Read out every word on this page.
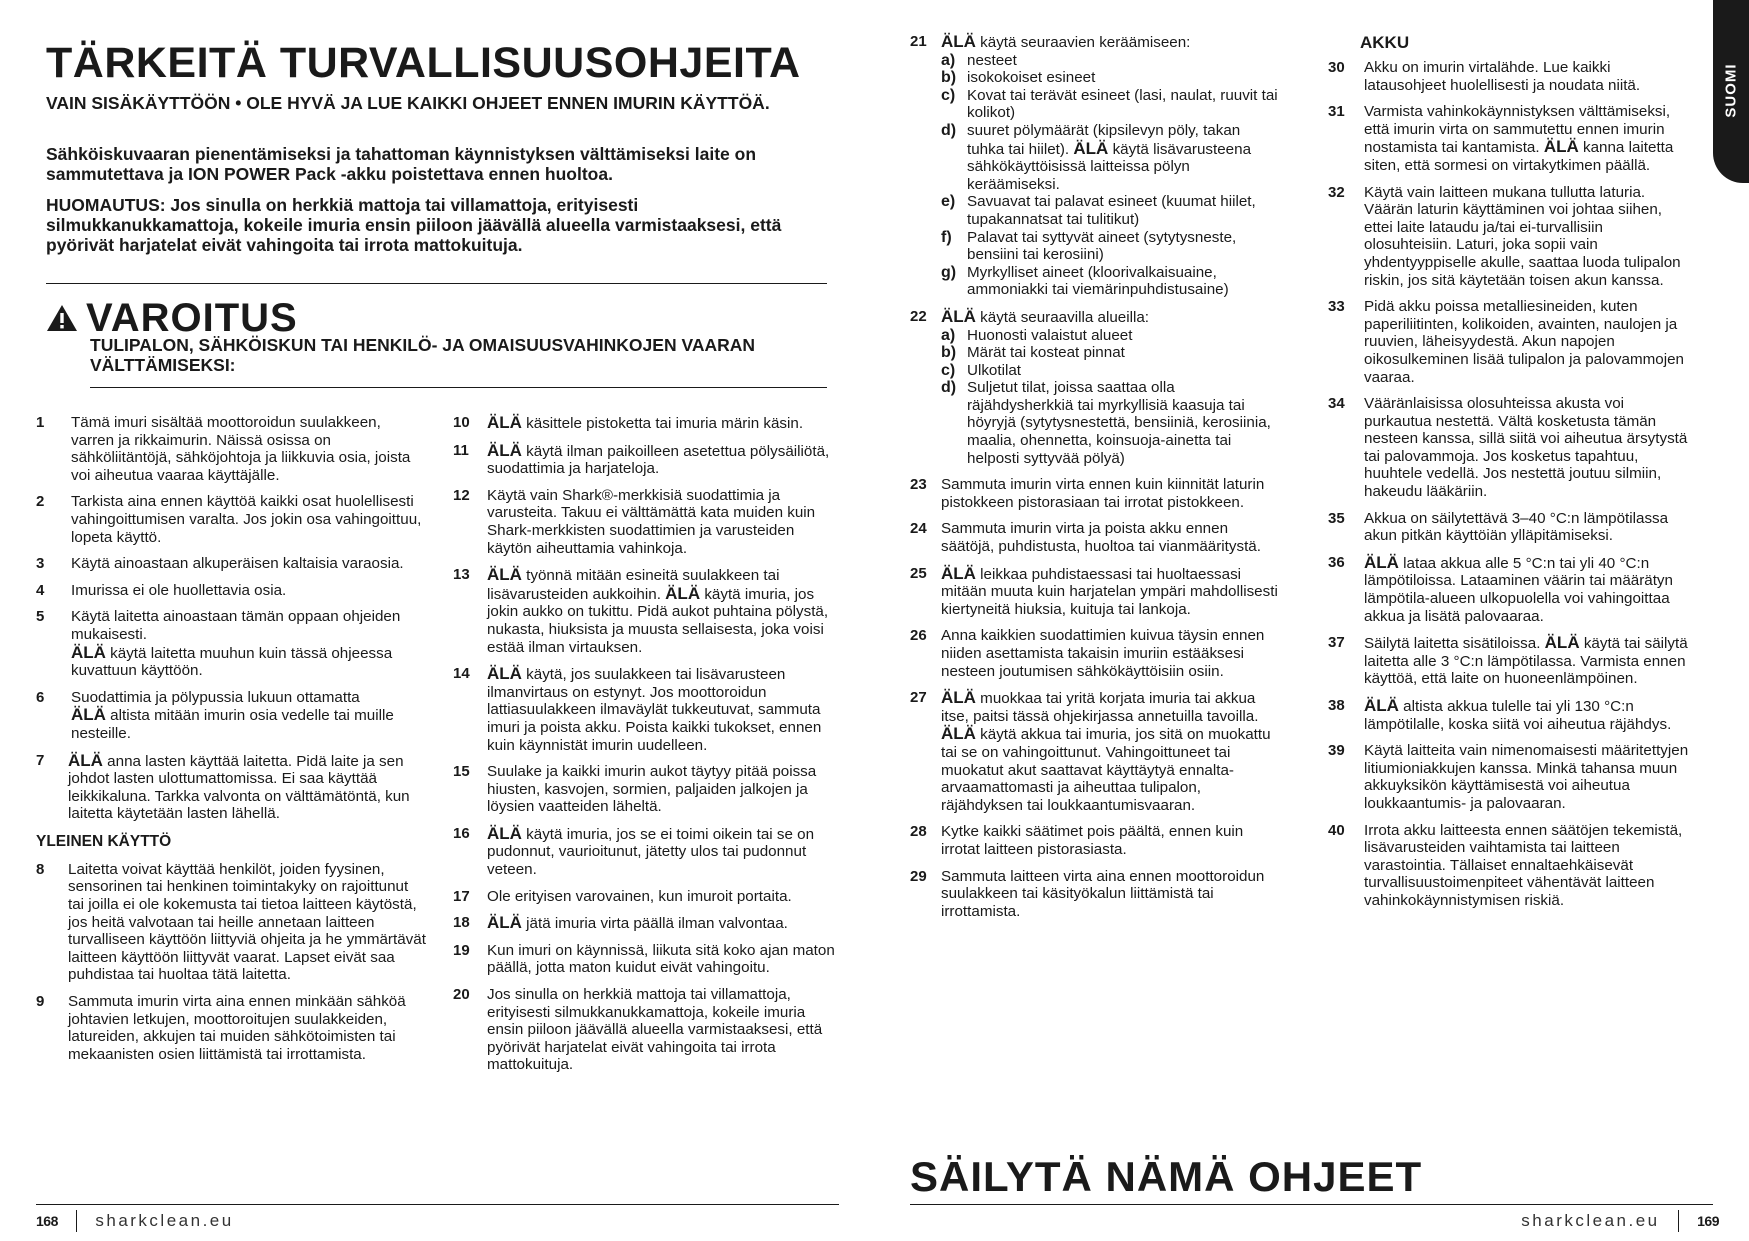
TÄRKEITÄ TURVALLISUUSOHJEITA

VAIN SISÄKÄYTTÖÖN • OLE HYVÄ JA LUE KAIKKI OHJEET ENNEN IMURIN KÄYTTÖÄ.

Sähköiskuvaaran pienentämiseksi ja tahattoman käynnistyksen välttämiseksi laite on sammutettava ja ION POWER Pack -akku poistettava ennen huoltoa.

HUOMAUTUS: Jos sinulla on herkkiä mattoja tai villamattoja, erityisesti silmukkanukkamattoja, kokeile imuria ensin piiloon jäävällä alueella varmistaaksesi, että pyörivät harjatelat eivät vahingoita tai irrota mattokuituja.

VAROITUS
TULIPALON, SÄHKÖISKUN TAI HENKILÖ- JA OMAISUUSVAHINKOJEN VAARAN VÄLTTÄMISEKSI:
1	Tämä imuri sisältää moottoroidun suulakkeen, varren ja rikkaimurin. Näissä osissa on sähköliitäntöjä, sähköjohtoja ja liikkuvia osia, joista voi aiheutua vaaraa käyttäjälle.
2	Tarkista aina ennen käyttöä kaikki osat huolellisesti vahingoittumisen varalta. Jos jokin osa vahingoittuu, lopeta käyttö.
3	Käytä ainoastaan alkuperäisen kaltaisia varaosia.
4	Imurissa ei ole huollettavia osia.
5	Käytä laitetta ainoastaan tämän oppaan ohjeiden mukaisesti.
ÄLÄ käytä laitetta muuhun kuin tässä ohjeessa kuvattuun käyttöön.
6	Suodattimia ja pölypussia lukuun ottamatta
ÄLÄ altista mitään imurin osia vedelle tai muille nesteille.
7	ÄLÄ anna lasten käyttää laitetta. Pidä laite ja sen johdot lasten ulottumattomissa. Ei saa käyttää leikkikaluna. Tarkka valvonta on välttämätöntä, kun laitetta käytetään lasten lähellä.
YLEINEN KÄYTTÖ
8	Laitetta voivat käyttää henkilöt, joiden fyysinen, sensorinen tai henkinen toimintakyky on rajoittunut tai joilla ei ole kokemusta tai tietoa laitteen käytöstä, jos heitä valvotaan tai heille annetaan laitteen turvalliseen käyttöön liittyviä ohjeita ja he ymmärtävät laitteen käyttöön liittyvät vaarat. Lapset eivät saa puhdistaa tai huoltaa tätä laitetta.
9	Sammuta imurin virta aina ennen minkään sähköä johtavien letkujen, moottoroitujen suulakkeiden, latureiden, akkujen tai muiden sähkötoimisten tai mekaanisten osien liittämistä tai irrottamista.
10	ÄLÄ käsittele pistoketta tai imuria märin käsin.
11	ÄLÄ käytä ilman paikoilleen asetettua pölysäiliötä, suodattimia ja harjateloja.
12	Käytä vain Shark®-merkkisiä suodattimia ja varusteita. Takuu ei välttämättä kata muiden kuin Shark-merkkisten suodattimien ja varusteiden käytön aiheuttamia vahinkoja.
13	ÄLÄ työnnä mitään esineitä suulakkeen tai lisävarusteiden aukkoihin. ÄLÄ käytä imuria, jos jokin aukko on tukittu. Pidä aukot puhtaina pölystä, nukasta, hiuksista ja muusta sellaisesta, joka voisi estää ilman virtauksen.
14	ÄLÄ käytä, jos suulakkeen tai lisävarusteen ilmanvirtaus on estynyt. Jos moottoroidun lattiasuulakkeen ilmaväylät tukkeutuvat, sammuta imuri ja poista akku. Poista kaikki tukokset, ennen kuin käynnistät imurin uudelleen.
15	Suulake ja kaikki imurin aukot täytyy pitää poissa hiusten, kasvojen, sormien, paljaiden jalkojen ja löysien vaatteiden läheltä.
16	ÄLÄ käytä imuria, jos se ei toimi oikein tai se on pudonnut, vaurioitunut, jätetty ulos tai pudonnut veteen.
17	Ole erityisen varovainen, kun imuroit portaita.
18	ÄLÄ jätä imuria virta päällä ilman valvontaa.
19	Kun imuri on käynnissä, liikuta sitä koko ajan maton päällä, jotta maton kuidut eivät vahingoitu.
20	Jos sinulla on herkkiä mattoja tai villamattoja, erityisesti silmukkanukkamattoja, kokeile imuria ensin piiloon jäävällä alueella varmistaaksesi, että pyörivät harjatelat eivät vahingoita tai irrota mattokuituja.
168 sharkclean.eu
SUOMI
21 ÄLÄ käytä seuraavien keräämiseen:
a) nesteet
b) isokokoiset esineet
c) Kovat tai terävät esineet (lasi, naulat, ruuvit tai kolikot)
d) suuret pölymäärät (kipsilevyn pöly, takan tuhka tai hiilet). ÄLÄ käytä lisävarusteena sähkökäyttöisissä laitteissa pölyn keräämiseksi.
e) Savuavat tai palavat esineet (kuumat hiilet, tupakannatsat tai tulitikut)
f)	Palavat tai syttyvät aineet (sytytysneste, bensiini tai kerosiini)
g) Myrkylliset aineet (kloorivalkaisuaine, ammoniakki tai viemärinpuhdistusaine)
22 ÄLÄ käytä seuraavilla alueilla:
a) Huonosti valaistut alueet
b) Märät tai kosteat pinnat
c) Ulkotilat
d) Suljetut tilat, joissa saattaa olla räjähdysherkkiä tai myrkyllisiä kaasuja tai höyryjä (sytytysnestettä, bensiiniä, kerosiinia, maalia, ohennetta, koinsuoja-ainetta tai helposti syttyvää pölyä)
23 Sammuta imurin virta ennen kuin kiinnität laturin pistokkeen pistorasiaan tai irrotat pistokkeen.
24 Sammuta imurin virta ja poista akku ennen säätöjä, puhdistusta, huoltoa tai vianmääritystä.
25 ÄLÄ leikkaa puhdistaessasi tai huoltaessasi mitään muuta kuin harjatelan ympäri mahdollisesti kiertyneitä hiuksia, kuituja tai lankoja.
26 Anna kaikkien suodattimien kuivua täysin ennen niiden asettamista takaisin imuriin estääksesi nesteen joutumisen sähkökäyttöisiin osiin.
27 ÄLÄ muokkaa tai yritä korjata imuria tai akkua itse, paitsi tässä ohjekirjassa annetuilla tavoilla.
ÄLÄ käytä akkua tai imuria, jos sitä on muokattu tai se on vahingoittunut. Vahingoittuneet tai muokatut akut saattavat käyttäytyä ennalta-arvaamattomasti ja aiheuttaa tulipalon, räjähdyksen tai loukkaantumisvaaran.
28 Kytke kaikki säätimet pois päältä, ennen kuin irrotat laitteen pistorasiasta.
29 Sammuta laitteen virta aina ennen moottoroidun suulakkeen tai käsityökalun liittämistä tai irrottamista.
AKKU
30	Akku on imurin virtalähde. Lue kaikki latausohjeet huolellisesti ja noudata niitä.
31	Varmista vahinkokäynnistyksen välttämiseksi, että imurin virta on sammutettu ennen imurin nostamista tai kantamista. ÄLÄ kanna laitetta siten, että sormesi on virtakytkimen päällä.
32	Käytä vain laitteen mukana tullutta laturia. Väärän laturin käyttäminen voi johtaa siihen, ettei laite lataudu ja/tai ei-turvallisiin olosuhteisiin. Laturi, joka sopii vain yhdentyyppiselle akulle, saattaa luoda tulipalon riskin, jos sitä käytetään toisen akun kanssa.
33	Pidä akku poissa metalliesineiden, kuten paperiliitinten, kolikoiden, avainten, naulojen ja ruuvien, läheisyydestä. Akun napojen oikosulkeminen lisää tulipalon ja palovammojen vaaraa.
34	Vääränlaisissa olosuhteissa akusta voi purkautua nestettä. Vältä kosketusta tämän nesteen kanssa, sillä siitä voi aiheutua ärsytystä tai palovammoja. Jos kosketus tapahtuu, huuhtele vedellä. Jos nestettä joutuu silmiin, hakeudu lääkäriin.
35	Akkua on säilytettävä 3–40 °C:n lämpötilassa akun pitkän käyttöiän ylläpitämiseksi.
36	ÄLÄ lataa akkua alle 5 °C:n tai yli 40 °C:n lämpötiloissa. Lataaminen väärin tai määrätyn lämpötila-alueen ulkopuolella voi vahingoittaa akkua ja lisätä palovaaraa.
37	Säilytä laitetta sisätiloissa. ÄLÄ käytä tai säilytä laitetta alle 3 °C:n lämpötilassa. Varmista ennen käyttöä, että laite on huoneenlämpöinen.
38	ÄLÄ altista akkua tulelle tai yli 130 °C:n lämpötilalle, koska siitä voi aiheutua räjähdys.
39	Käytä laitteita vain nimenomaisesti määritettyjen litiumioniakkujen kanssa. Minkä tahansa muun akkuyksikön käyttämisestä voi aiheutua loukkaantumis- ja palovaaran.
40	Irrota akku laitteesta ennen säätöjen tekemistä, lisävarusteiden vaihtamista tai laitteen varastointia. Tällaiset ennaltaehkäisevät turvallisuustoimenpiteet vähentävät laitteen vahinkokäynnistymisen riskiä.
SÄILYTÄ NÄMÄ OHJEET
sharkclean.eu	169
